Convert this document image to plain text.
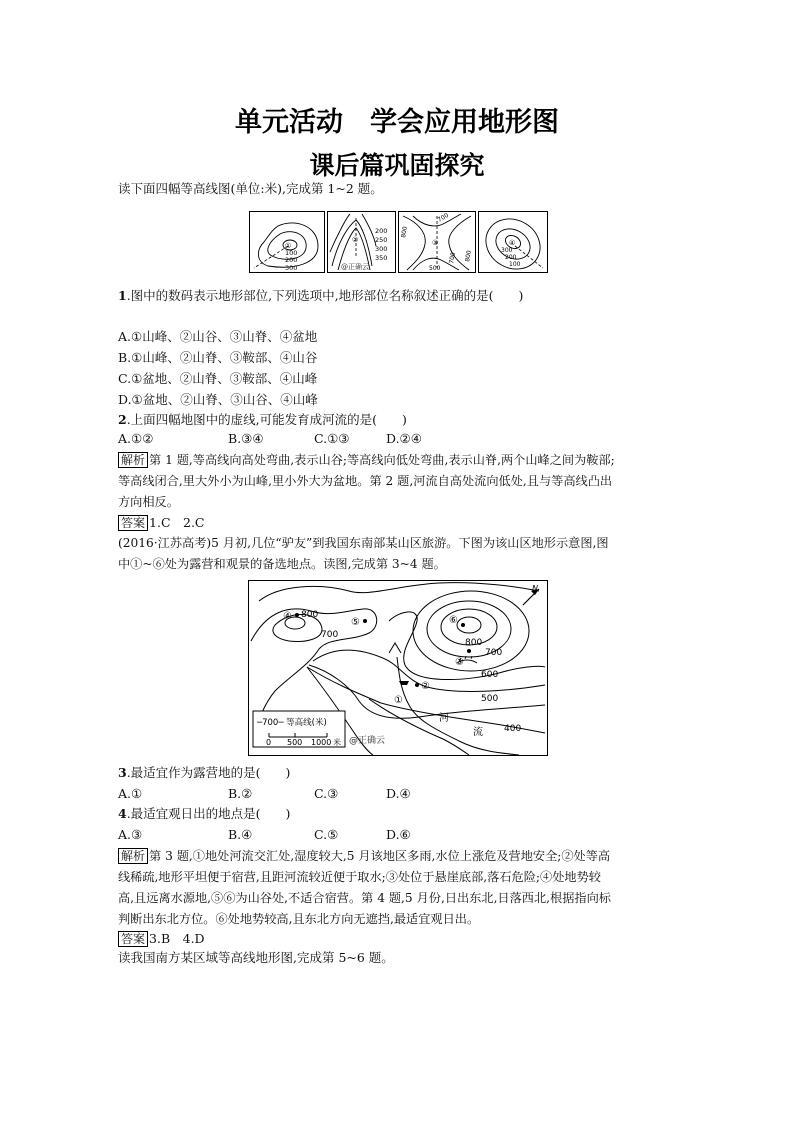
单元活动　学会应用地形图
课后篇巩固探究
读下面四幅等高线图(单位:米),完成第 1~2 题。
①
100
200
300
②
200
250
300
350
@正确云
③
700
800
500
700 800
④
300
200
100
1.图中的数码表示地形部位,下列选项中,地形部位名称叙述正确的是(　　)
A.①山峰、②山谷、③山脊、④盆地
B.①山峰、②山脊、③鞍部、④山谷
C.①盆地、②山脊、③鞍部、④山峰
D.①盆地、②山脊、③山谷、④山峰
2.上面四幅地图中的虚线,可能发育成河流的是(　　)
A.①②	B.③④	C.①③	D.②④
解析 第 1 题,等高线向高处弯曲,表示山谷;等高线向低处弯曲,表示山脊,两个山峰之间为鞍部;
等高线闭合,里大外小为山峰,里小外大为盆地。第 2 题,河流自高处流向低处,且与等高线凸出
方向相反。
答案 1.C　2.C
(2016·江苏高考)5 月初,几位“驴友”到我国东南部某山区旅游。下图为该山区地形示意图,图
中①~⑥处为露营和观景的备选地点。读图,完成第 3~4 题。
N
800
700
800
700
600
500
400
①
②
③
④
⑤	⑥
河
流
─700─ 等高线(米)
0 500 1000 米 @正确云
3.最适宜作为露营地的是(　　)
A.①	B.②	C.③	D.④
4.最适宜观日出的地点是(　　)
A.③	B.④	C.⑤	D.⑥
解析 第 3 题,①地处河流交汇处,湿度较大,5 月该地区多雨,水位上涨危及营地安全;②处等高
线稀疏,地形平坦便于宿营,且距河流较近便于取水;③处位于悬崖底部,落石危险;④处地势较
高,且远离水源地,⑤⑥为山谷处,不适合宿营。第 4 题,5 月份,日出东北,日落西北,根据指向标
判断出东北方位。⑥处地势较高,且东北方向无遮挡,最适宜观日出。
答案 3.B　4.D
读我国南方某区域等高线地形图,完成第 5~6 题。
